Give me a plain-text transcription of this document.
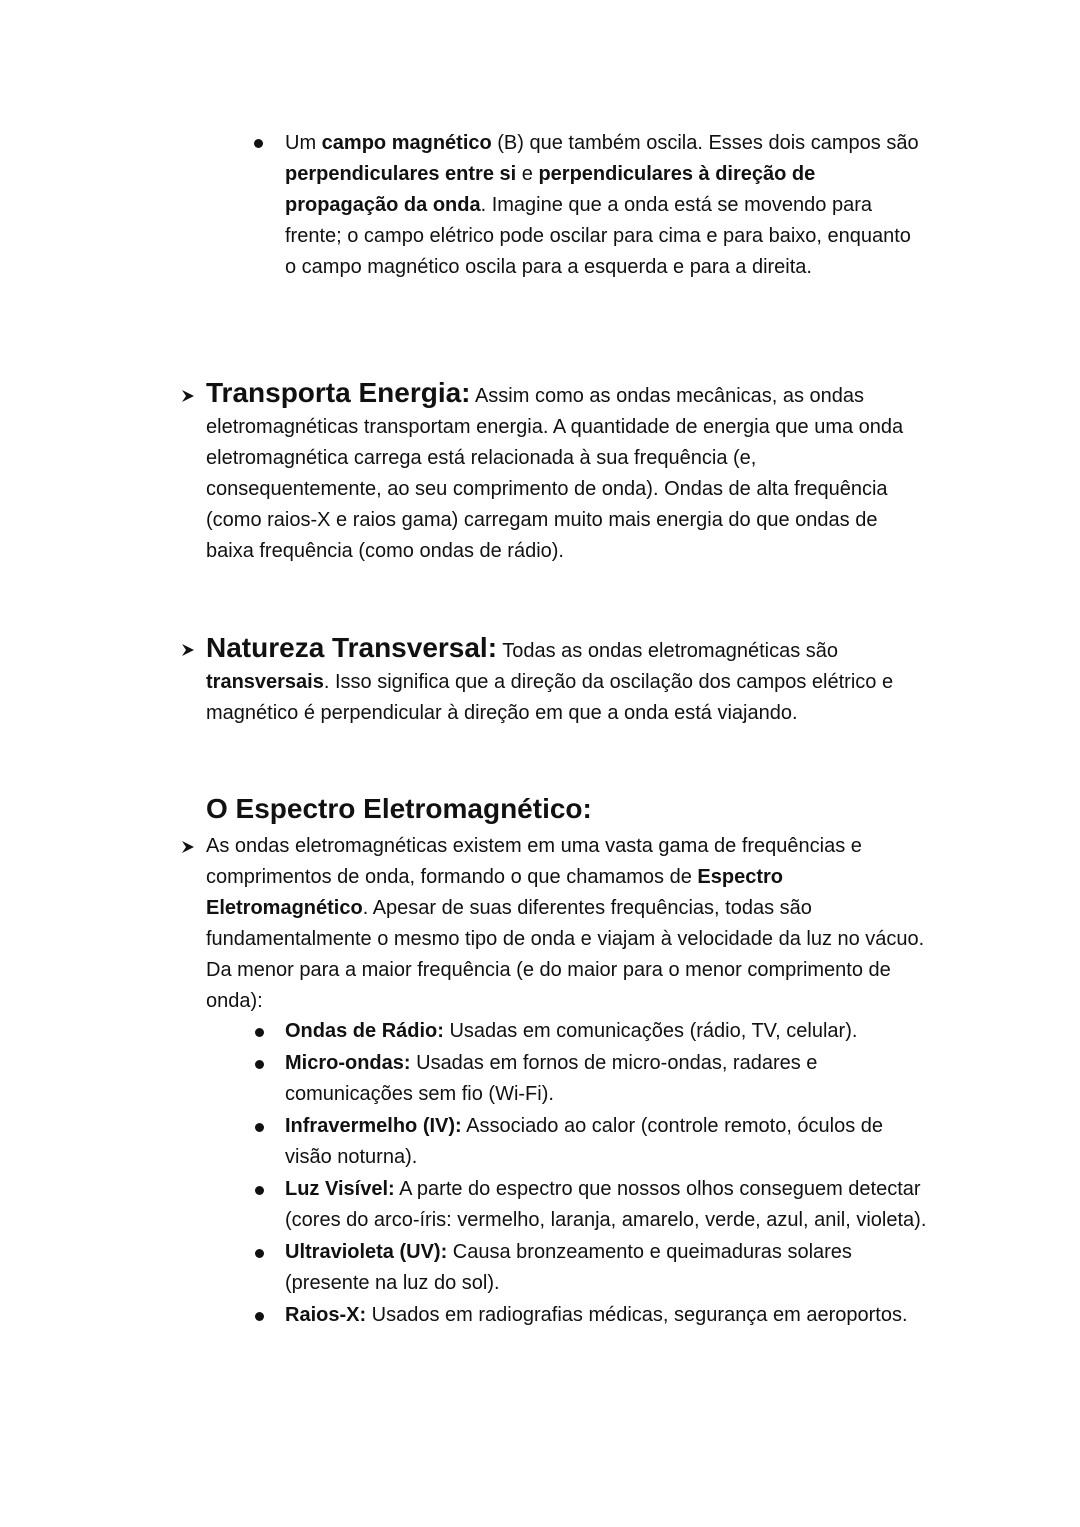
Um campo magnético (B) que também oscila. Esses dois campos são perpendiculares entre si e perpendiculares à direção de propagação da onda. Imagine que a onda está se movendo para frente; o campo elétrico pode oscilar para cima e para baixo, enquanto o campo magnético oscila para a esquerda e para a direita.
Transporta Energia: Assim como as ondas mecânicas, as ondas eletromagnéticas transportam energia. A quantidade de energia que uma onda eletromagnética carrega está relacionada à sua frequência (e, consequentemente, ao seu comprimento de onda). Ondas de alta frequência (como raios-X e raios gama) carregam muito mais energia do que ondas de baixa frequência (como ondas de rádio).
Natureza Transversal: Todas as ondas eletromagnéticas são transversais. Isso significa que a direção da oscilação dos campos elétrico e magnético é perpendicular à direção em que a onda está viajando.
O Espectro Eletromagnético:
As ondas eletromagnéticas existem em uma vasta gama de frequências e comprimentos de onda, formando o que chamamos de Espectro Eletromagnético. Apesar de suas diferentes frequências, todas são fundamentalmente o mesmo tipo de onda e viajam à velocidade da luz no vácuo. Da menor para a maior frequência (e do maior para o menor comprimento de onda):
Ondas de Rádio: Usadas em comunicações (rádio, TV, celular).
Micro-ondas: Usadas em fornos de micro-ondas, radares e comunicações sem fio (Wi-Fi).
Infravermelho (IV): Associado ao calor (controle remoto, óculos de visão noturna).
Luz Visível: A parte do espectro que nossos olhos conseguem detectar (cores do arco-íris: vermelho, laranja, amarelo, verde, azul, anil, violeta).
Ultravioleta (UV): Causa bronzeamento e queimaduras solares (presente na luz do sol).
Raios-X: Usados em radiografias médicas, segurança em aeroportos.
